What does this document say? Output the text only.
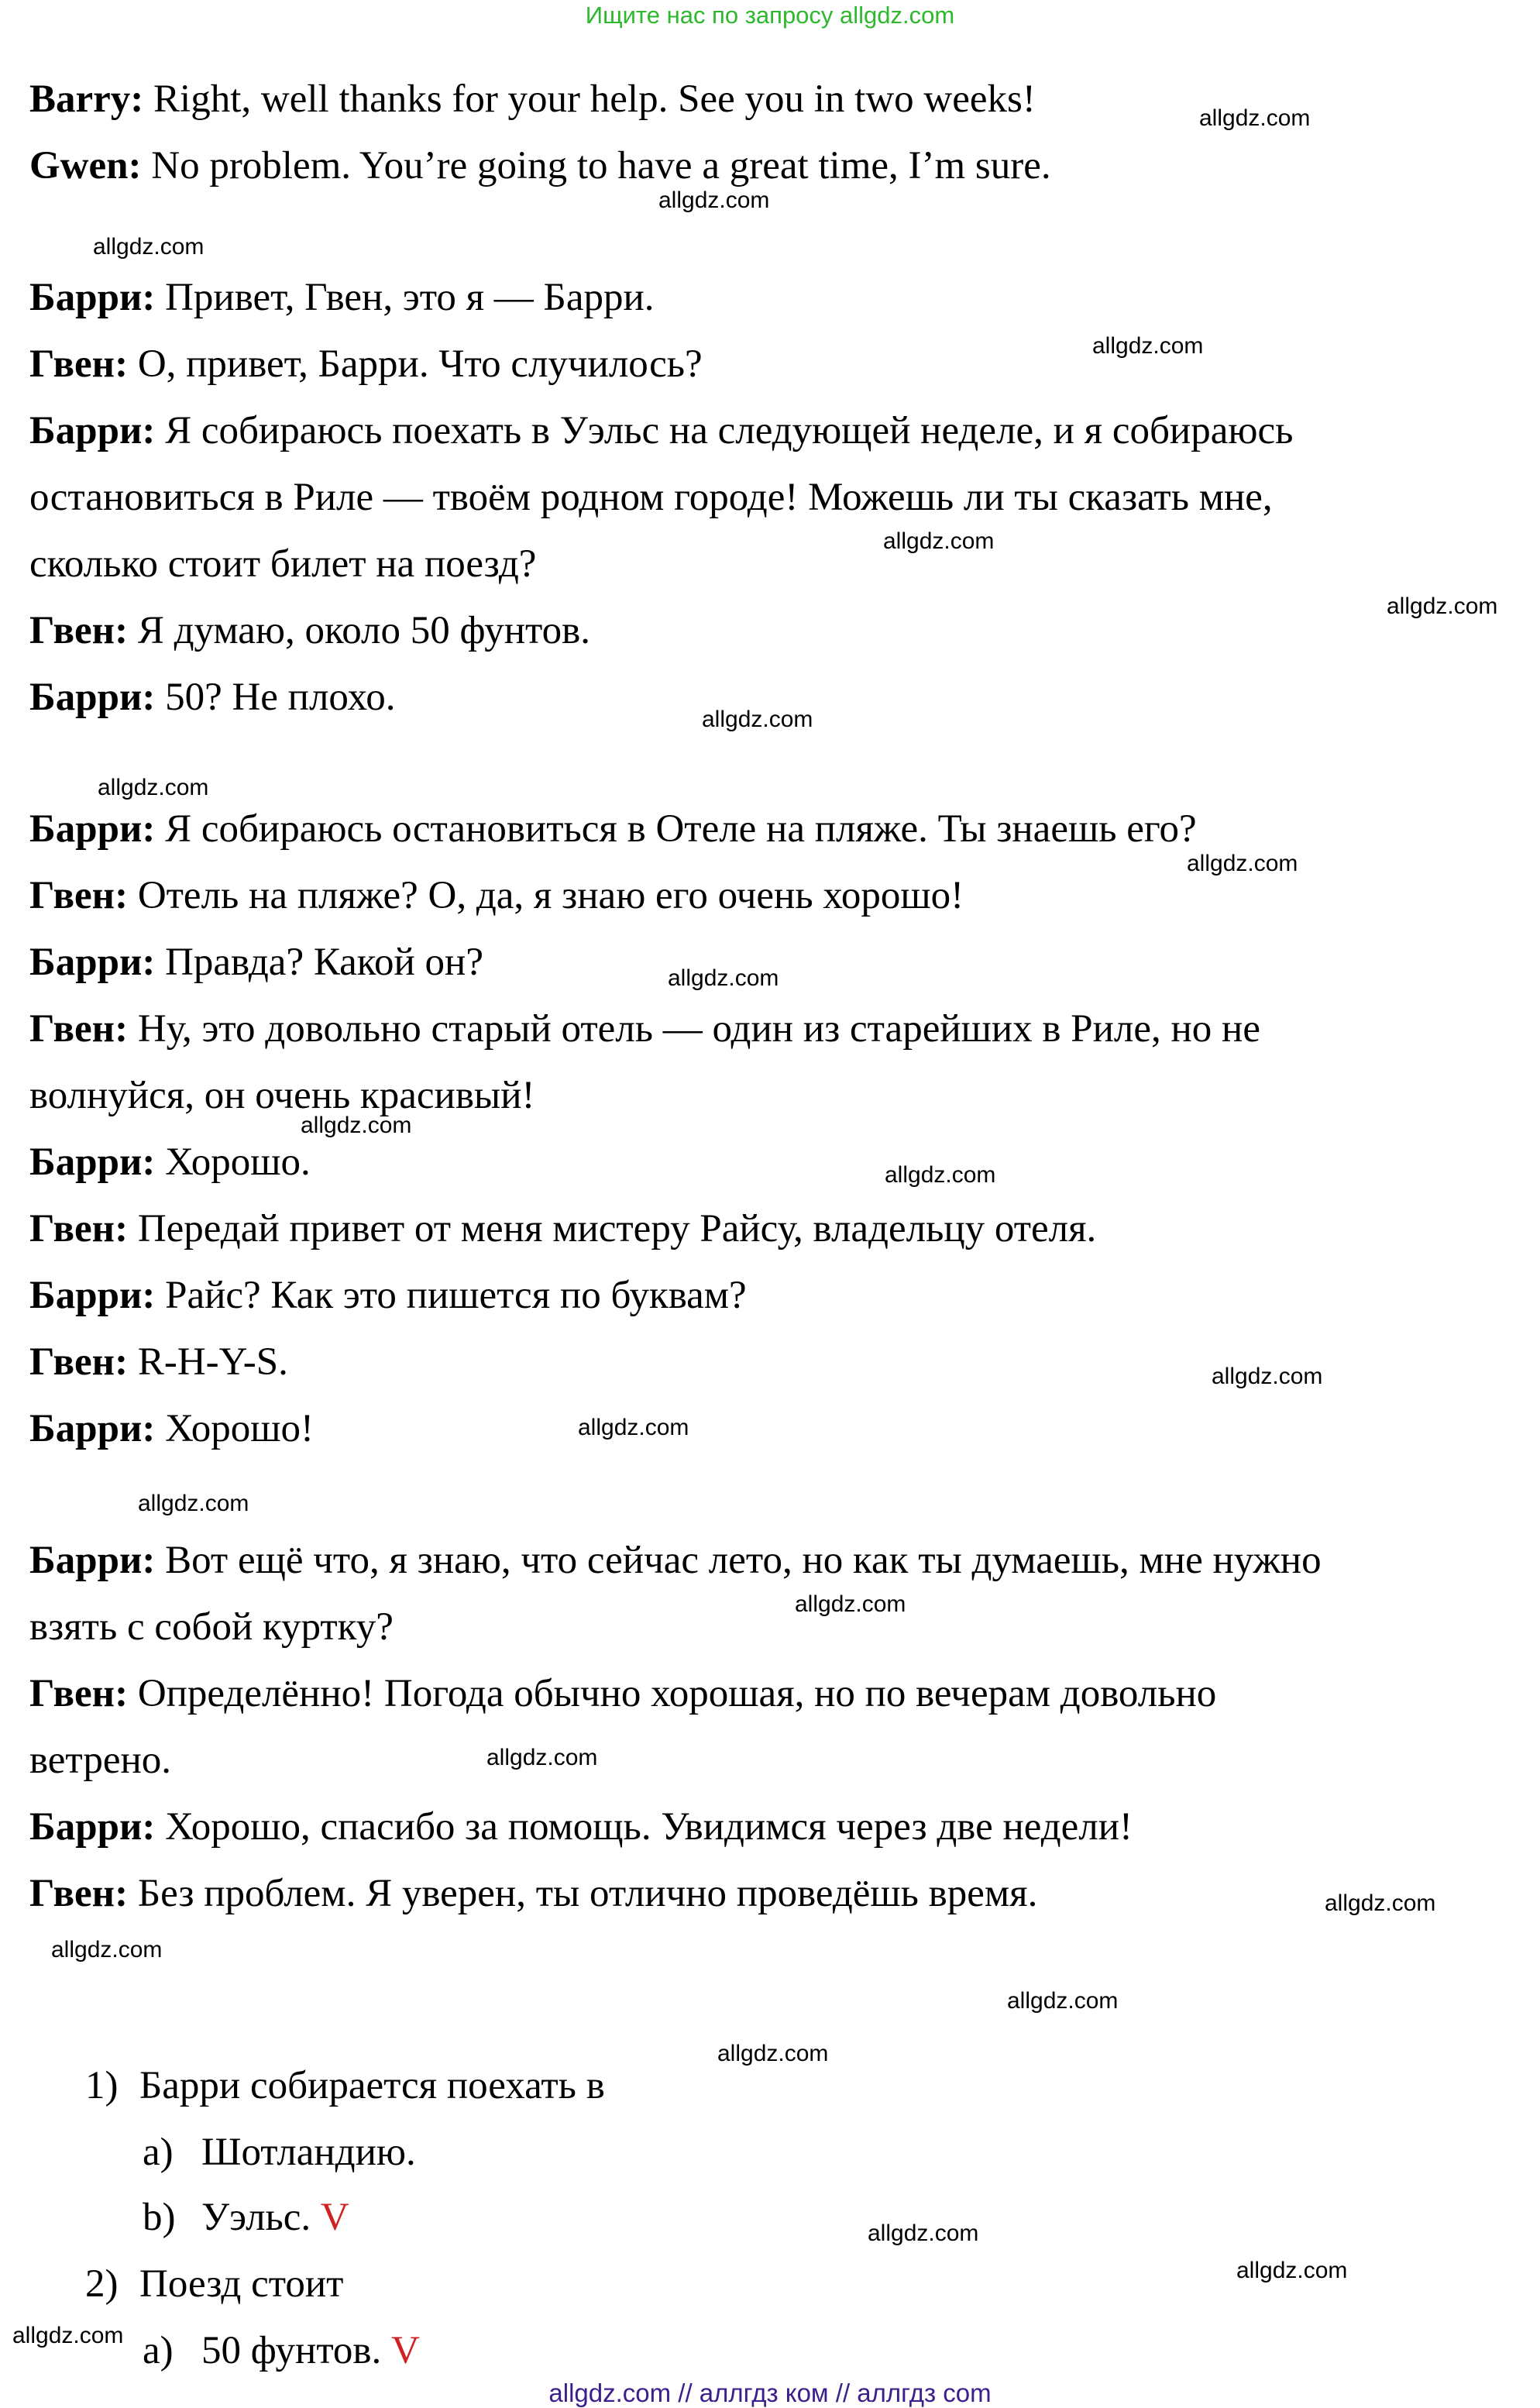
Ищите нас по запросу allgdz.com
Barry: Right, well thanks for your help. See you in two weeks!
Gwen: No problem. You’re going to have a great time, I’m sure.
Барри: Привет, Гвен, это я — Барри.
Гвен: О, привет, Барри. Что случилось?
Барри: Я собираюсь поехать в Уэльс на следующей неделе, и я собираюсь
остановиться в Риле — твоём родном городе! Можешь ли ты сказать мне,
сколько стоит билет на поезд?
Гвен: Я думаю, около 50 фунтов.
Барри: 50? Не плохо.
Барри: Я собираюсь остановиться в Отеле на пляже. Ты знаешь его?
Гвен: Отель на пляже? О, да, я знаю его очень хорошо!
Барри: Правда? Какой он?
Гвен: Ну, это довольно старый отель — один из старейших в Риле, но не
волнуйся, он очень красивый!
Барри: Хорошо.
Гвен: Передай привет от меня мистеру Райсу, владельцу отеля.
Барри: Райс? Как это пишется по буквам?
Гвен: R-H-Y-S.
Барри: Хорошо!
Барри: Вот ещё что, я знаю, что сейчас лето, но как ты думаешь, мне нужно
взять с собой куртку?
Гвен: Определённо! Погода обычно хорошая, но по вечерам довольно
ветрено.
Барри: Хорошо, спасибо за помощь. Увидимся через две недели!
Гвен: Без проблем. Я уверен, ты отлично проведёшь время.
allgdz.com
allgdz.com
allgdz.com
allgdz.com
allgdz.com
allgdz.com
allgdz.com
allgdz.com
allgdz.com
allgdz.com
allgdz.com
allgdz.com
allgdz.com
allgdz.com
allgdz.com
allgdz.com
allgdz.com
allgdz.com
allgdz.com
allgdz.com
allgdz.com
allgdz.com
allgdz.com
allgdz.com
1) Барри собирается поехать в
a) Шотландию.
b) Уэльс. V
2) Поезд стоит
a) 50 фунтов. V
allgdz.com // аллгдз ком // аллгдз com
